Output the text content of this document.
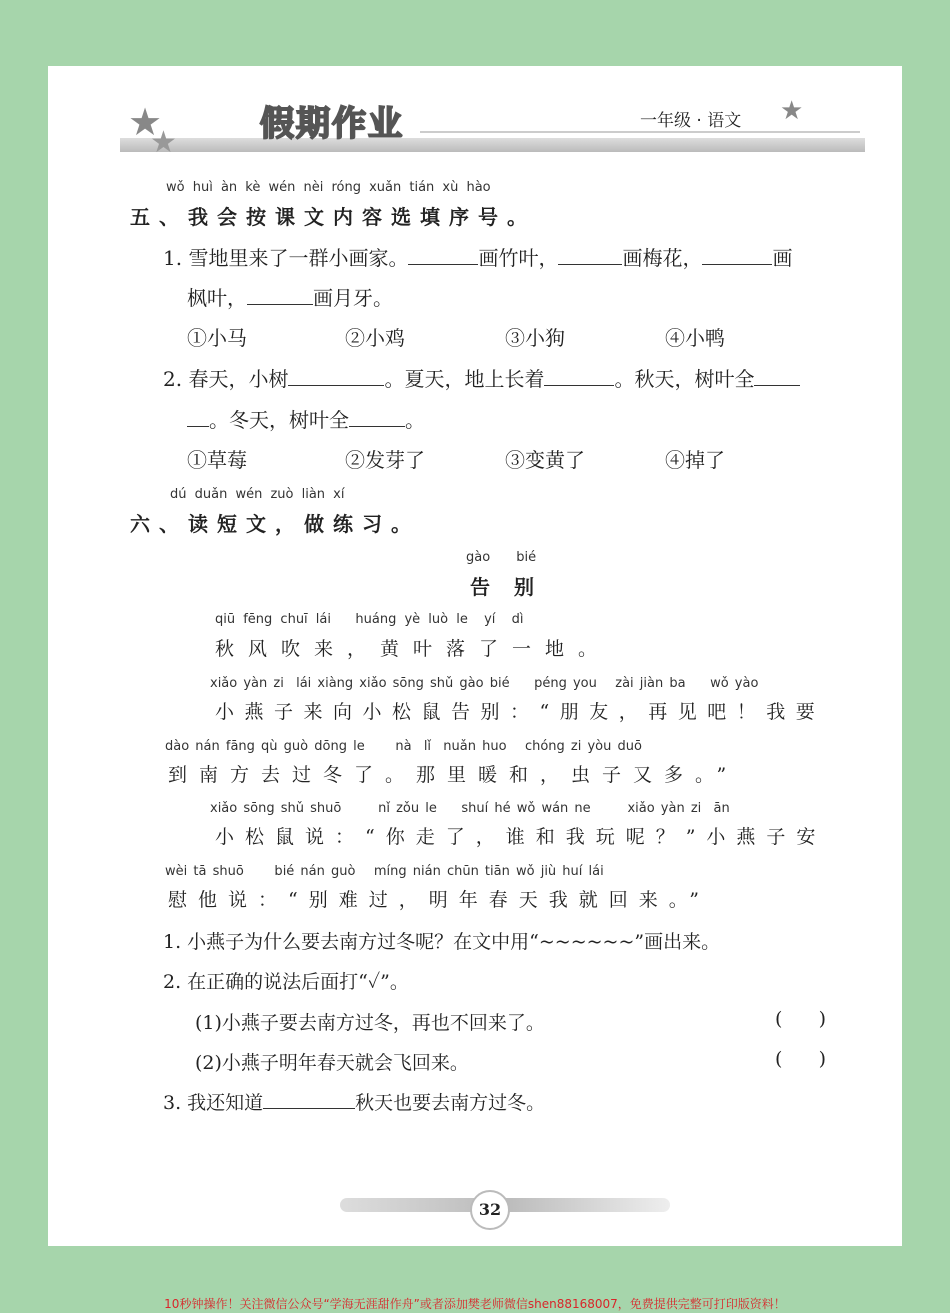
★
★
★
假期作业	一年级 · 语文
wǒ huì àn kè wén nèi róng xuǎn tián xù hào
五、我会按课文内容选填序号。
1. 雪地里来了一群小画家。	画竹叶，	画梅花，	画
枫叶，	画月牙。
①小马	②小鸡	③小狗	④小鸭
2. 春天，小树	。夏天，地上长着	。秋天，树叶全
。冬天，树叶全	。
①草莓	②发芽了	③变黄了	④掉了
dú duǎn wén zuò liàn xí
六、读短文，做练习。
gào bié
告别
qiū fēng chuī lái   huáng yè luò le  yí  dì
秋风吹来，黄叶落了一地。
xiǎo yàn zi  lái xiàng xiǎo sōng shǔ gào bié    péng you   zài jiàn ba    wǒ yào
小燕子来向小松鼠告别：“朋友，再见吧！我要
dào nán fāng qù guò dōng le     nà  lǐ  nuǎn huo   chóng zi yòu duō
到南方去过冬了。那里暖和，虫子又多。”
xiǎo sōng shǔ shuō      nǐ zǒu le    shuí hé wǒ wán ne      xiǎo yàn zi  ān
小松鼠说：“你走了，谁和我玩呢？”小燕子安
wèi tā shuō     bié nán guò   míng nián chūn tiān wǒ jiù huí lái
慰他说：“别难过，明年春天我就回来。”
1. 小燕子为什么要去南方过冬呢？在文中用“~~~~~~”画出来。
2. 在正确的说法后面打“✓”。
(1)小燕子要去南方过冬，再也不回来了。	(      )
(2)小燕子明年春天就会飞回来。	(      )
3. 我还知道	秋天也要去南方过冬。
32
10秒钟操作！关注微信公众号“学海无涯甜作舟”或者添加樊老师微信shen88168007，免费提供完整可打印版资料！
